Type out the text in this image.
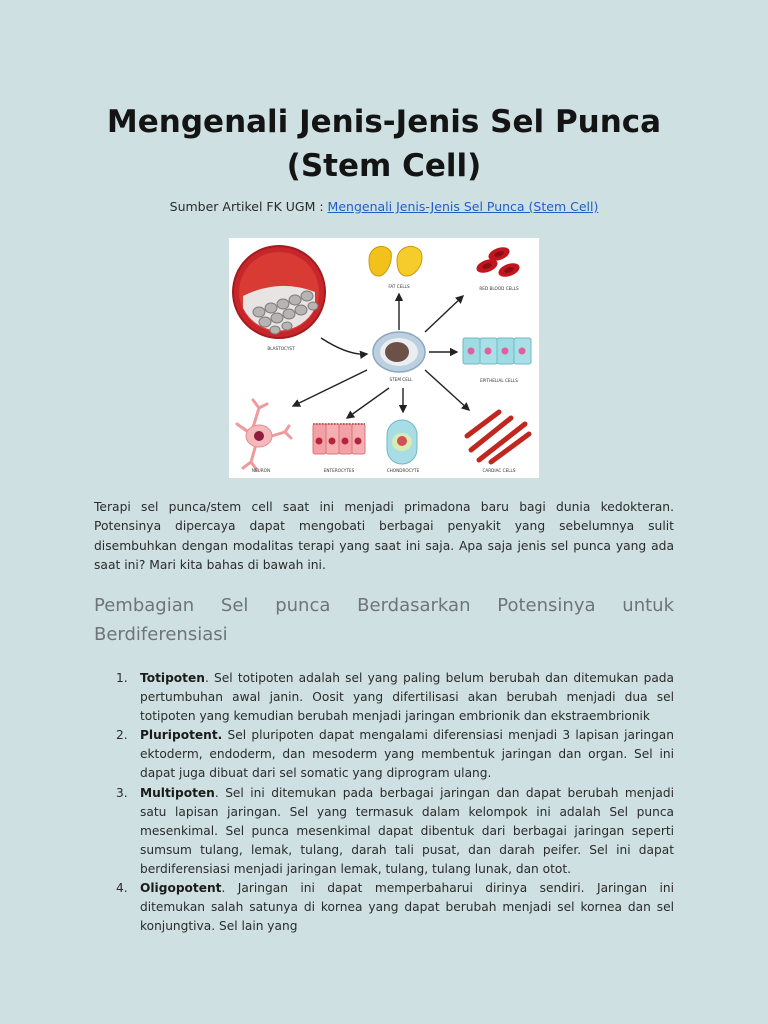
Mengenali Jenis-Jenis Sel Punca
(Stem Cell)
Sumber Artikel FK UGM : Mengenali Jenis-Jenis Sel Punca (Stem Cell)
BLASTOCYST
FAT CELLS	RED BLOOD CELLS
STEM CELL	EPITHELIAL CELLS
NEURON	ENTEROCYTES	CHONDROCYTE	CARDIAC CELLS

Terapi sel punca/stem cell saat ini menjadi primadona baru bagi dunia kedokteran. Potensinya dipercaya dapat mengobati berbagai penyakit yang sebelumnya sulit disembuhkan dengan modalitas terapi yang saat ini saja. Apa saja jenis sel punca yang ada saat ini? Mari kita bahas di bawah ini.

Pembagian Sel punca Berdasarkan Potensinya untuk Berdiferensiasi
1. Totipoten. Sel totipoten adalah sel yang paling belum berubah dan ditemukan pada pertumbuhan awal janin. Oosit yang difertilisasi akan berubah menjadi dua sel totipoten yang kemudian berubah menjadi jaringan embrionik dan ekstraembrionik
2. Pluripotent. Sel pluripoten dapat mengalami diferensiasi menjadi 3 lapisan jaringan ektoderm, endoderm, dan mesoderm yang membentuk jaringan dan organ. Sel ini dapat juga dibuat dari sel somatic yang diprogram ulang.
3. Multipoten. Sel ini ditemukan pada berbagai jaringan dan dapat berubah menjadi satu lapisan jaringan. Sel yang termasuk dalam kelompok ini adalah Sel punca mesenkimal. Sel punca mesenkimal dapat dibentuk dari berbagai jaringan seperti sumsum tulang, lemak, tulang, darah tali pusat, dan darah peifer. Sel ini dapat berdiferensiasi menjadi jaringan lemak, tulang, tulang lunak, dan otot.
4. Oligopotent. Jaringan ini dapat memperbaharui dirinya sendiri. Jaringan ini ditemukan salah satunya di kornea yang dapat berubah menjadi sel kornea dan sel konjungtiva. Sel lain yang
